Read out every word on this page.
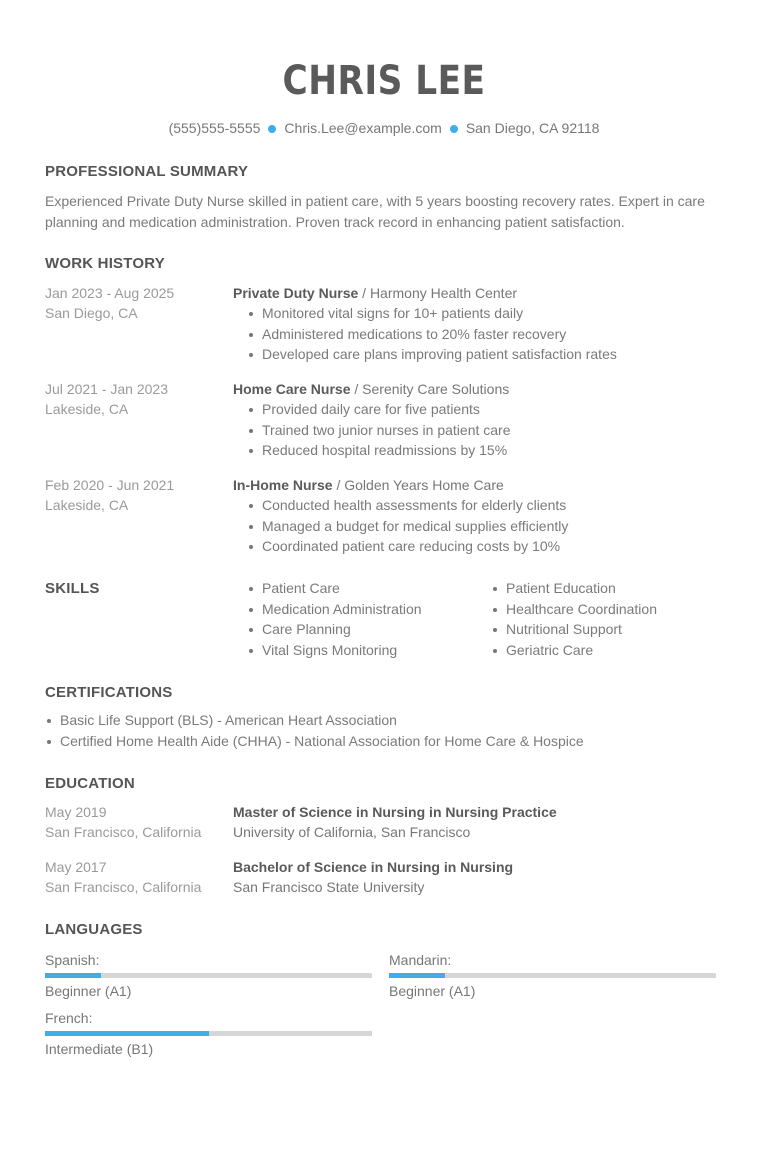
CHRIS LEE
(555)555-5555 Chris.Lee@example.com San Diego, CA 92118
PROFESSIONAL SUMMARY
Experienced Private Duty Nurse skilled in patient care, with 5 years boosting recovery rates. Expert in care planning and medication administration. Proven track record in enhancing patient satisfaction.
WORK HISTORY
Jan 2023 - Aug 2025
San Diego, CA
Private Duty Nurse / Harmony Health Center
Monitored vital signs for 10+ patients daily
Administered medications to 20% faster recovery
Developed care plans improving patient satisfaction rates
Jul 2021 - Jan 2023
Lakeside, CA
Home Care Nurse / Serenity Care Solutions
Provided daily care for five patients
Trained two junior nurses in patient care
Reduced hospital readmissions by 15%
Feb 2020 - Jun 2021
Lakeside, CA
In-Home Nurse / Golden Years Home Care
Conducted health assessments for elderly clients
Managed a budget for medical supplies efficiently
Coordinated patient care reducing costs by 10%
SKILLS	Patient Care
Medication Administration
Care Planning
Vital Signs Monitoring
Patient Education
Healthcare Coordination
Nutritional Support
Geriatric Care
CERTIFICATIONS
Basic Life Support (BLS) - American Heart Association
Certified Home Health Aide (CHHA) - National Association for Home Care & Hospice
EDUCATION
May 2019
San Francisco, California
Master of Science in Nursing in Nursing Practice
University of California, San Francisco
May 2017
San Francisco, California
Bachelor of Science in Nursing in Nursing
San Francisco State University
LANGUAGES
Spanish:
Beginner (A1)
Mandarin:
Beginner (A1)
French:
Intermediate (B1)
